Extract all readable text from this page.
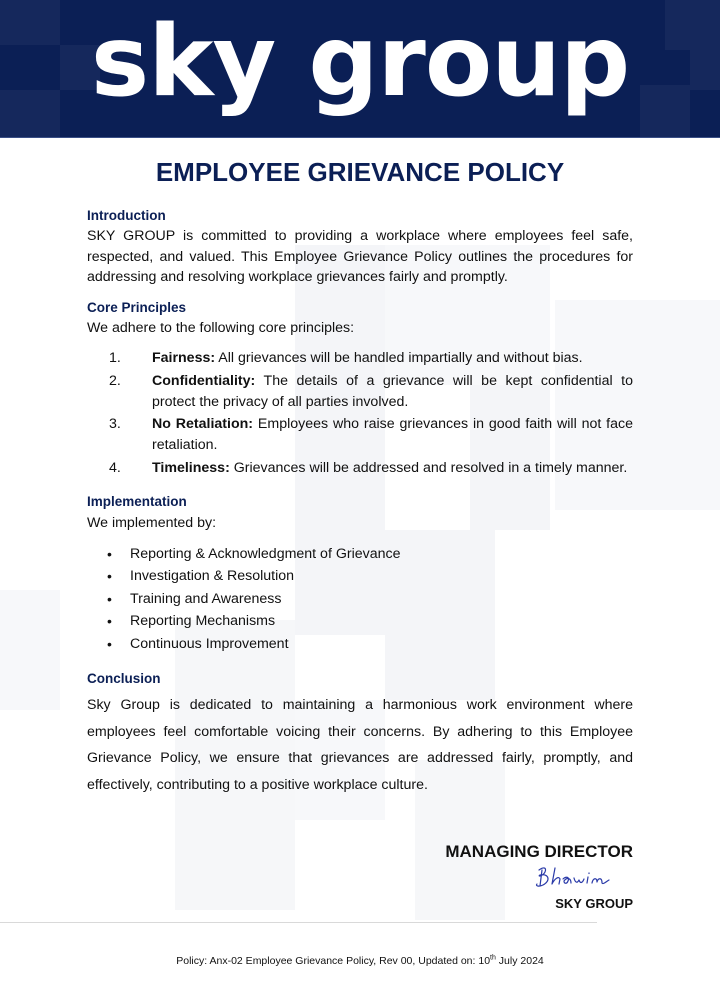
sky group
EMPLOYEE GRIEVANCE POLICY
Introduction
SKY GROUP is committed to providing a workplace where employees feel safe, respected, and valued. This Employee Grievance Policy outlines the procedures for addressing and resolving workplace grievances fairly and promptly.
Core Principles
We adhere to the following core principles:
1. Fairness: All grievances will be handled impartially and without bias.
2. Confidentiality: The details of a grievance will be kept confidential to protect the privacy of all parties involved.
3. No Retaliation: Employees who raise grievances in good faith will not face retaliation.
4. Timeliness: Grievances will be addressed and resolved in a timely manner.
Implementation
We implemented by:
• Reporting & Acknowledgment of Grievance
• Investigation & Resolution
• Training and Awareness
• Reporting Mechanisms
• Continuous Improvement
Conclusion
Sky Group is dedicated to maintaining a harmonious work environment where employees feel comfortable voicing their concerns. By adhering to this Employee Grievance Policy, we ensure that grievances are addressed fairly, promptly, and effectively, contributing to a positive workplace culture.
MANAGING DIRECTOR
SKY GROUP
Policy: Anx-02 Employee Grievance Policy, Rev 00, Updated on: 10th July 2024
